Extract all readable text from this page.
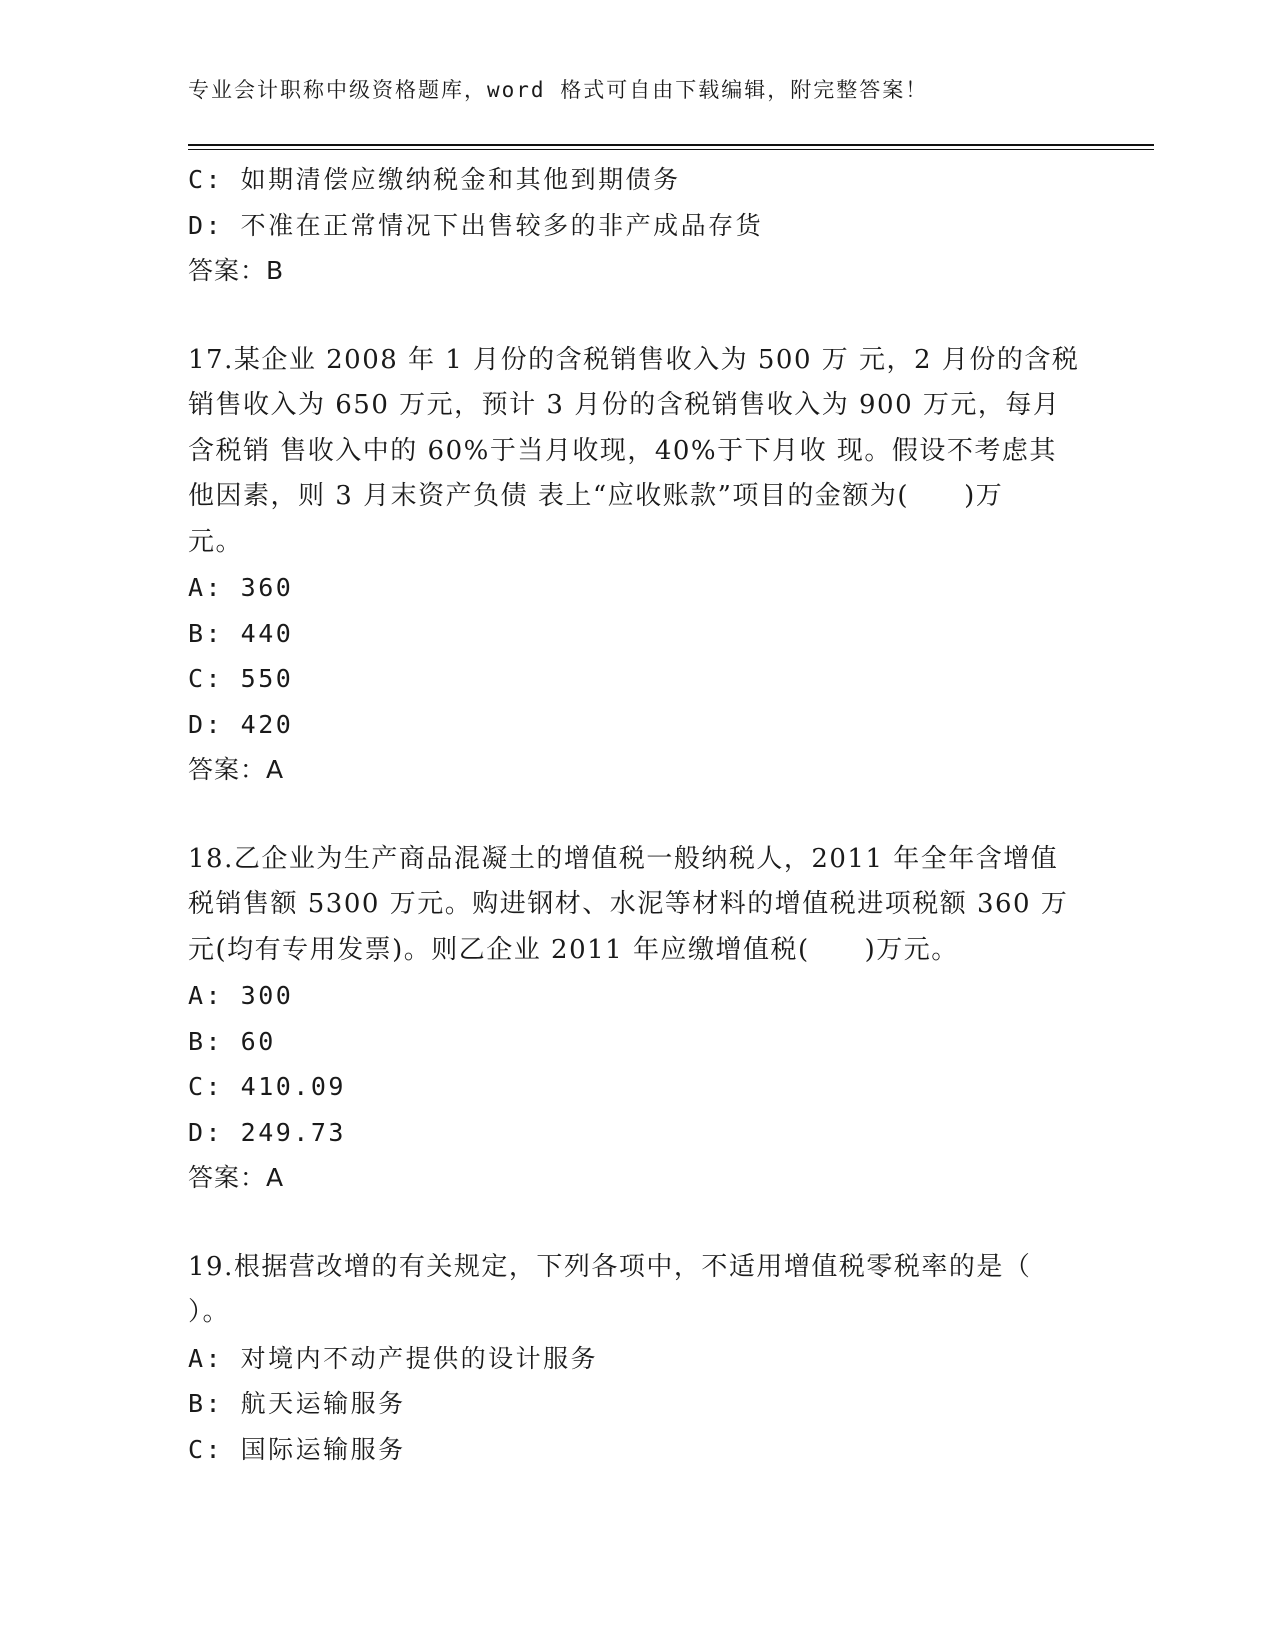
专业会计职称中级资格题库，word 格式可自由下载编辑，附完整答案！
C: 如期清偿应缴纳税金和其他到期债务
D: 不准在正常情况下出售较多的非产成品存货
答案：B
17.某企业 2008 年 1 月份的含税销售收入为 500 万 元，2 月份的含税
销售收入为 650 万元，预计 3 月份的含税销售收入为 900 万元，每月
含税销 售收入中的 60%于当月收现，40%于下月收 现。假设不考虑其
他因素，则 3 月末资产负债 表上“应收账款”项目的金额为(　　)万
元。
A: 360
B: 440
C: 550
D: 420
答案：A
18.乙企业为生产商品混凝土的增值税一般纳税人，2011 年全年含增值
税销售额 5300 万元。购进钢材、水泥等材料的增值税进项税额 360 万
元(均有专用发票)。则乙企业 2011 年应缴增值税(　　)万元。
A: 300
B: 60
C: 410.09
D: 249.73
答案：A
19.根据营改增的有关规定，下列各项中，不适用增值税零税率的是（
）。
A: 对境内不动产提供的设计服务
B: 航天运输服务
C: 国际运输服务
